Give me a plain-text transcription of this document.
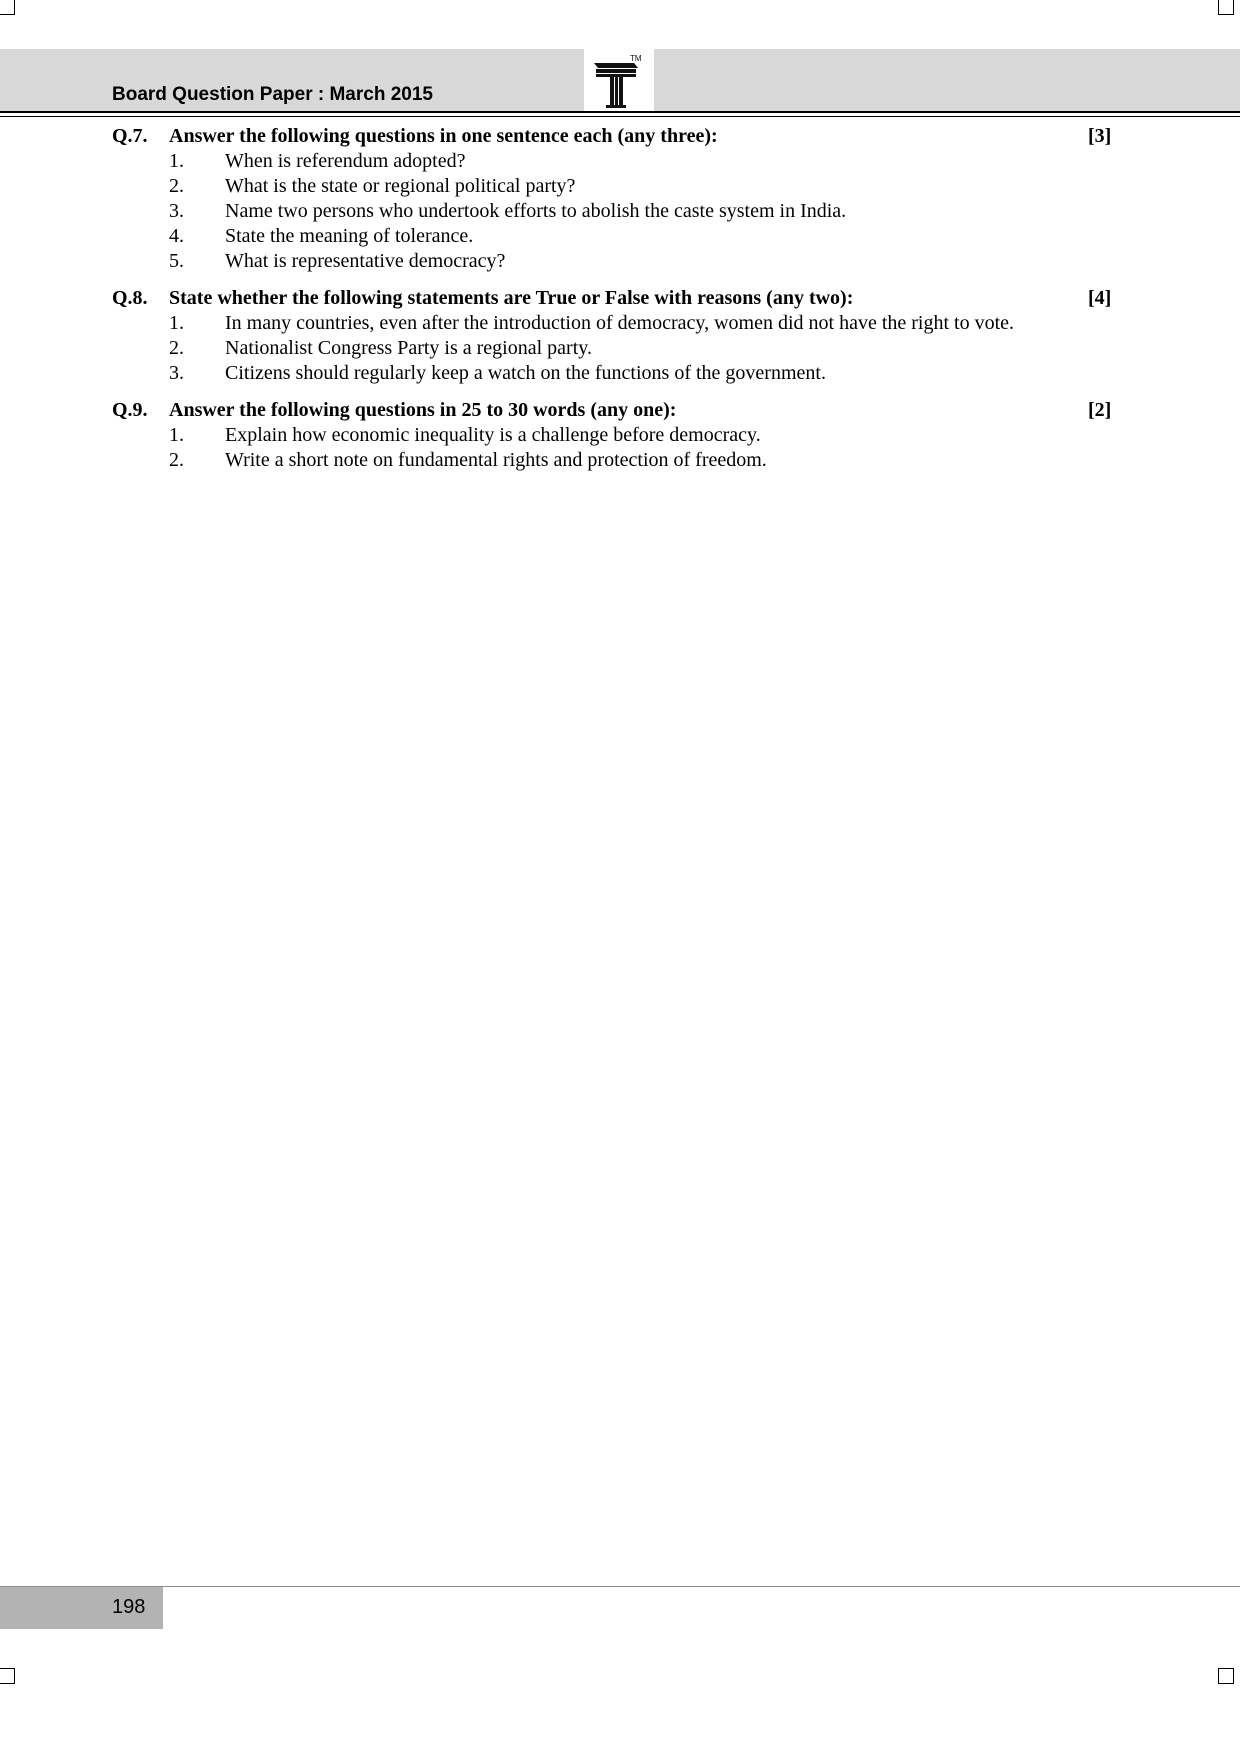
TM
Board Question Paper : March 2015
Q.7. Answer the following questions in one sentence each (any three):	[3]
1. When is referendum adopted?
2. What is the state or regional political party?
3. Name two persons who undertook efforts to abolish the caste system in India.
4. State the meaning of tolerance.
5. What is representative democracy?
Q.8. State whether the following statements are True or False with reasons (any two):	[4]
1. In many countries, even after the introduction of democracy, women did not have the right to vote.
2. Nationalist Congress Party is a regional party.
3. Citizens should regularly keep a watch on the functions of the government.
Q.9. Answer the following questions in 25 to 30 words (any one):	[2]
1. Explain how economic inequality is a challenge before democracy.
2. Write a short note on fundamental rights and protection of freedom.
198
